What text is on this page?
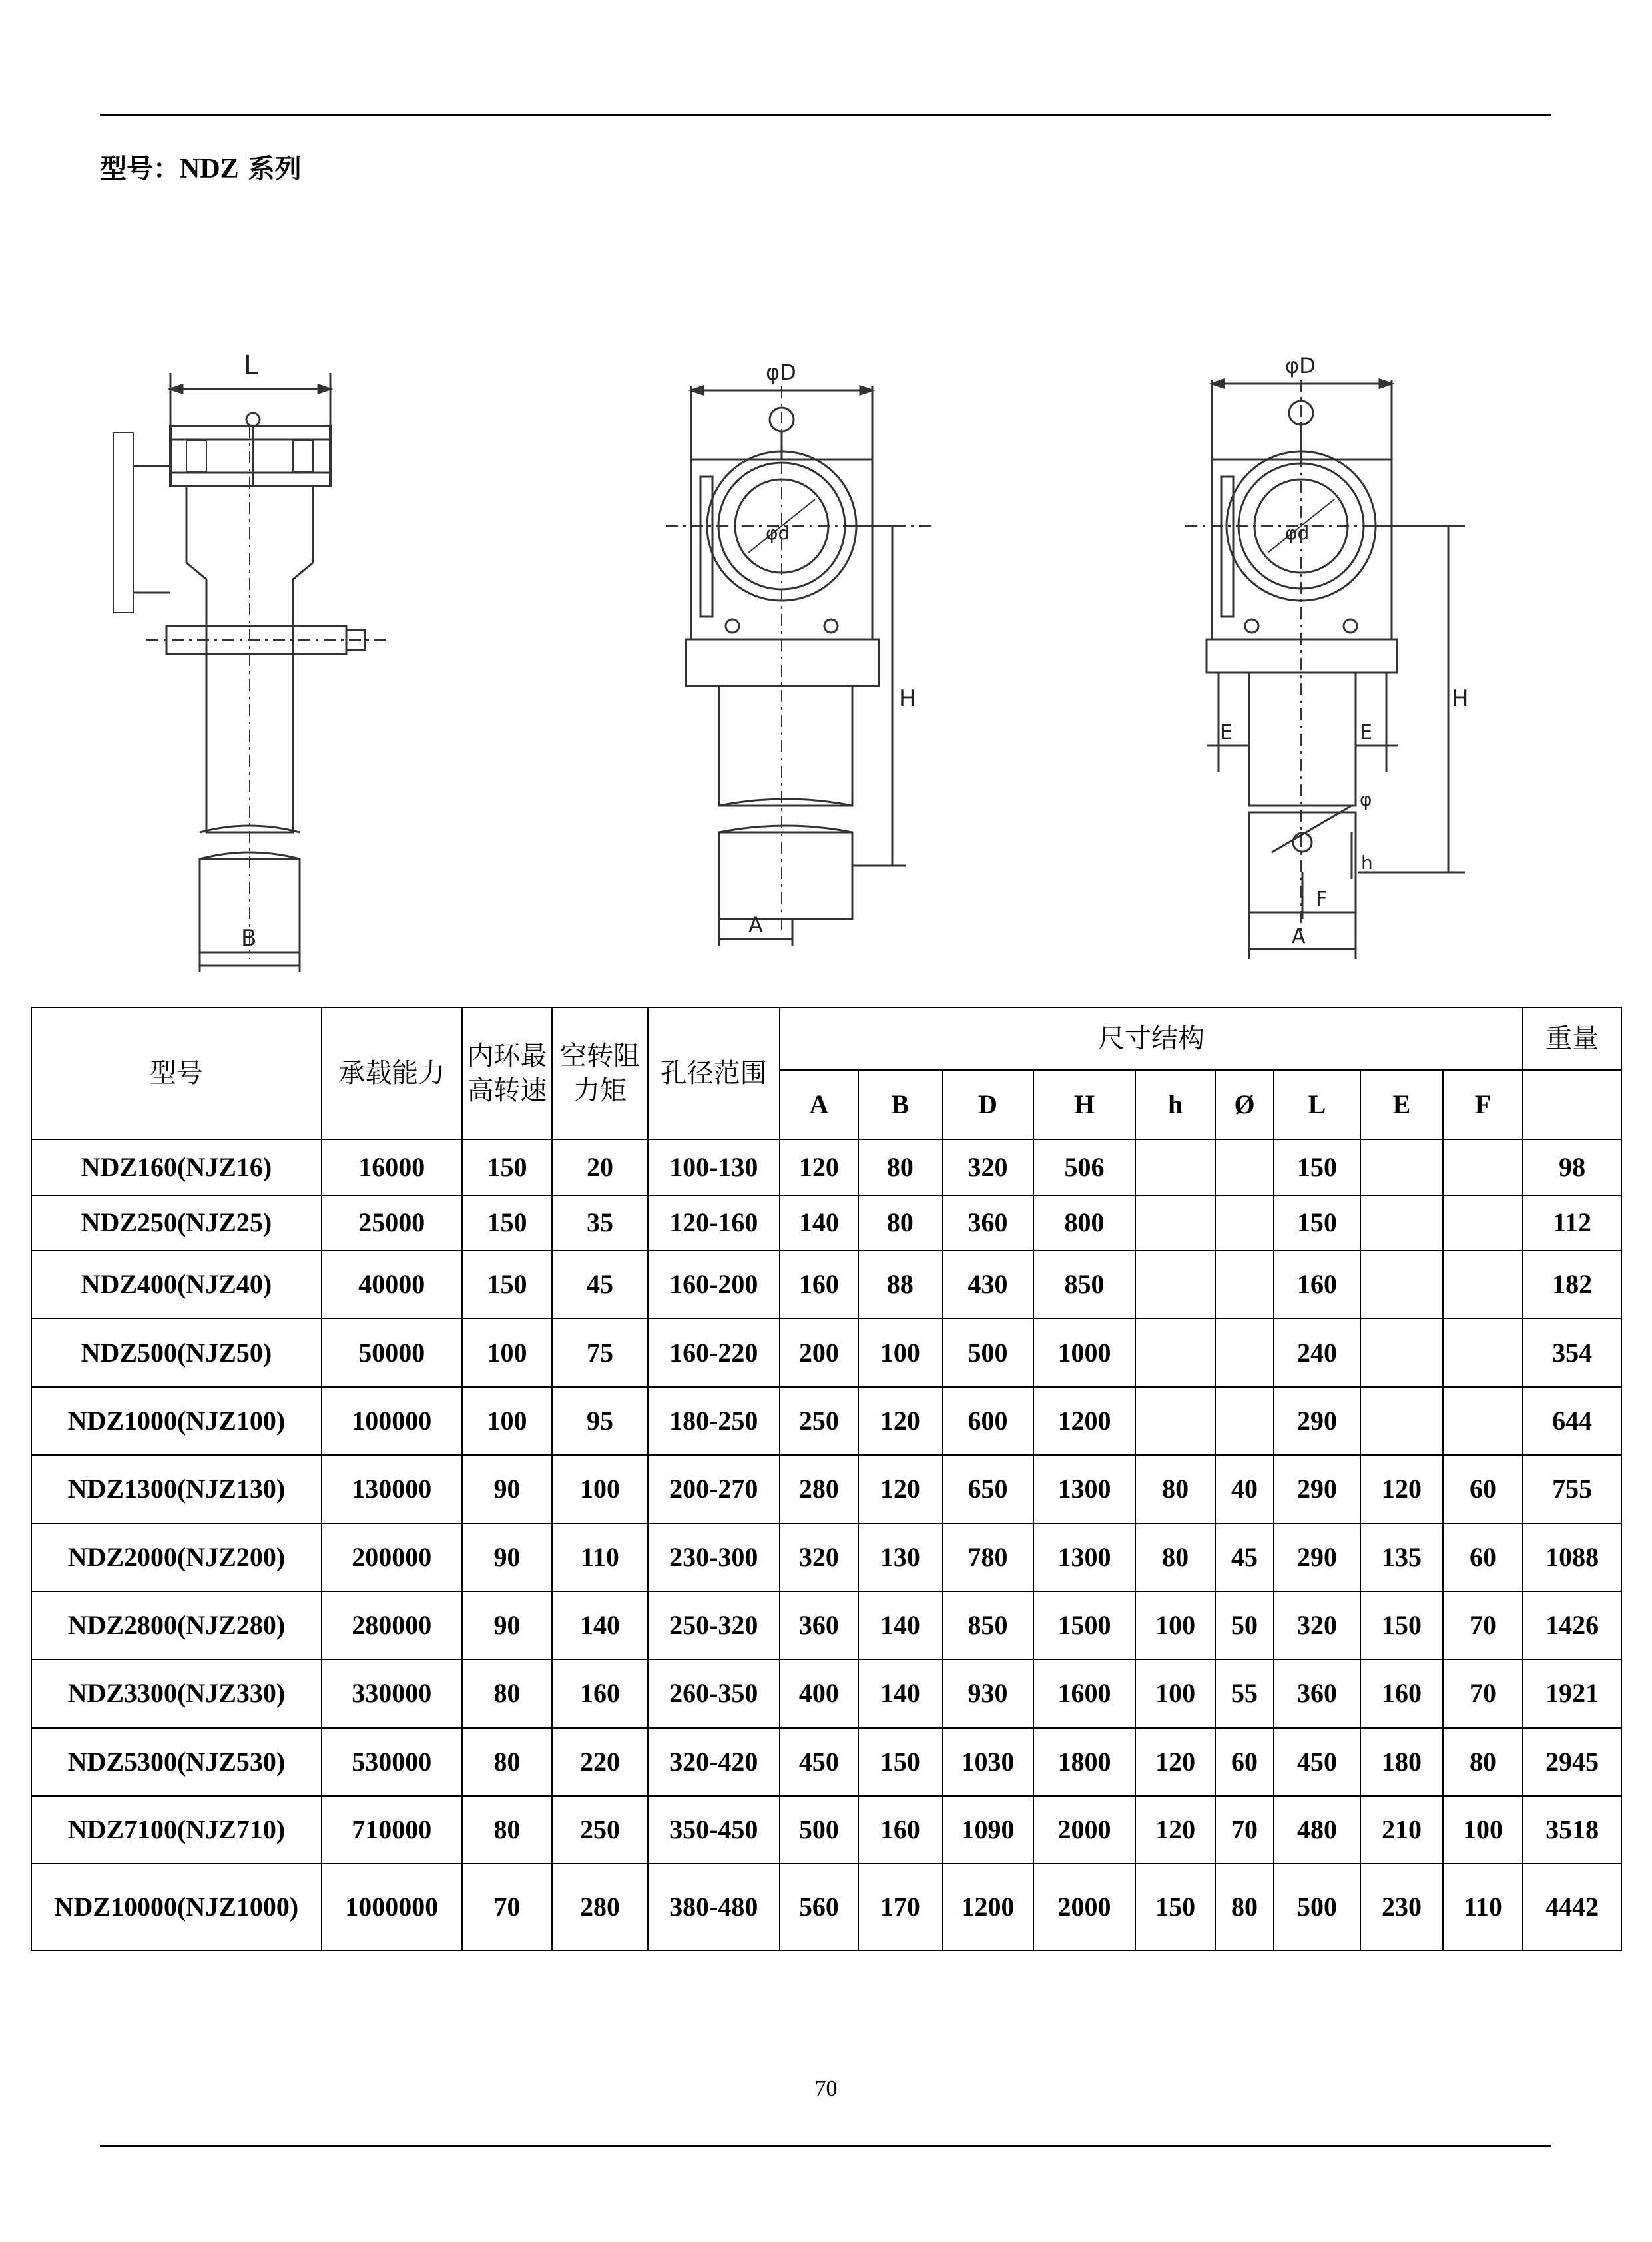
型号：NDZ 系列
L
B
φD
φd
H
A
φD
φd
E	E
φ
h
F
H
A
型号	承载能力	内环最高转速	空转阻力矩	孔径范围	尺寸结构									重量
					A	B	D	H	h	Ø	L	E	F	
NDZ160(NJZ16)	16000	150	20	100-130	120	80	320	506			150			98
NDZ250(NJZ25)	25000	150	35	120-160	140	80	360	800			150			112
NDZ400(NJZ40)	40000	150	45	160-200	160	88	430	850			160			182
NDZ500(NJZ50)	50000	100	75	160-220	200	100	500	1000			240			354
NDZ1000(NJZ100)	100000	100	95	180-250	250	120	600	1200			290			644
NDZ1300(NJZ130)	130000	90	100	200-270	280	120	650	1300	80	40	290	120	60	755
NDZ2000(NJZ200)	200000	90	110	230-300	320	130	780	1300	80	45	290	135	60	1088
NDZ2800(NJZ280)	280000	90	140	250-320	360	140	850	1500	100	50	320	150	70	1426
NDZ3300(NJZ330)	330000	80	160	260-350	400	140	930	1600	100	55	360	160	70	1921
NDZ5300(NJZ530)	530000	80	220	320-420	450	150	1030	1800	120	60	450	180	80	2945
NDZ7100(NJZ710)	710000	80	250	350-450	500	160	1090	2000	120	70	480	210	100	3518
NDZ10000(NJZ1000)	1000000	70	280	380-480	560	170	1200	2000	150	80	500	230	110	4442
70
